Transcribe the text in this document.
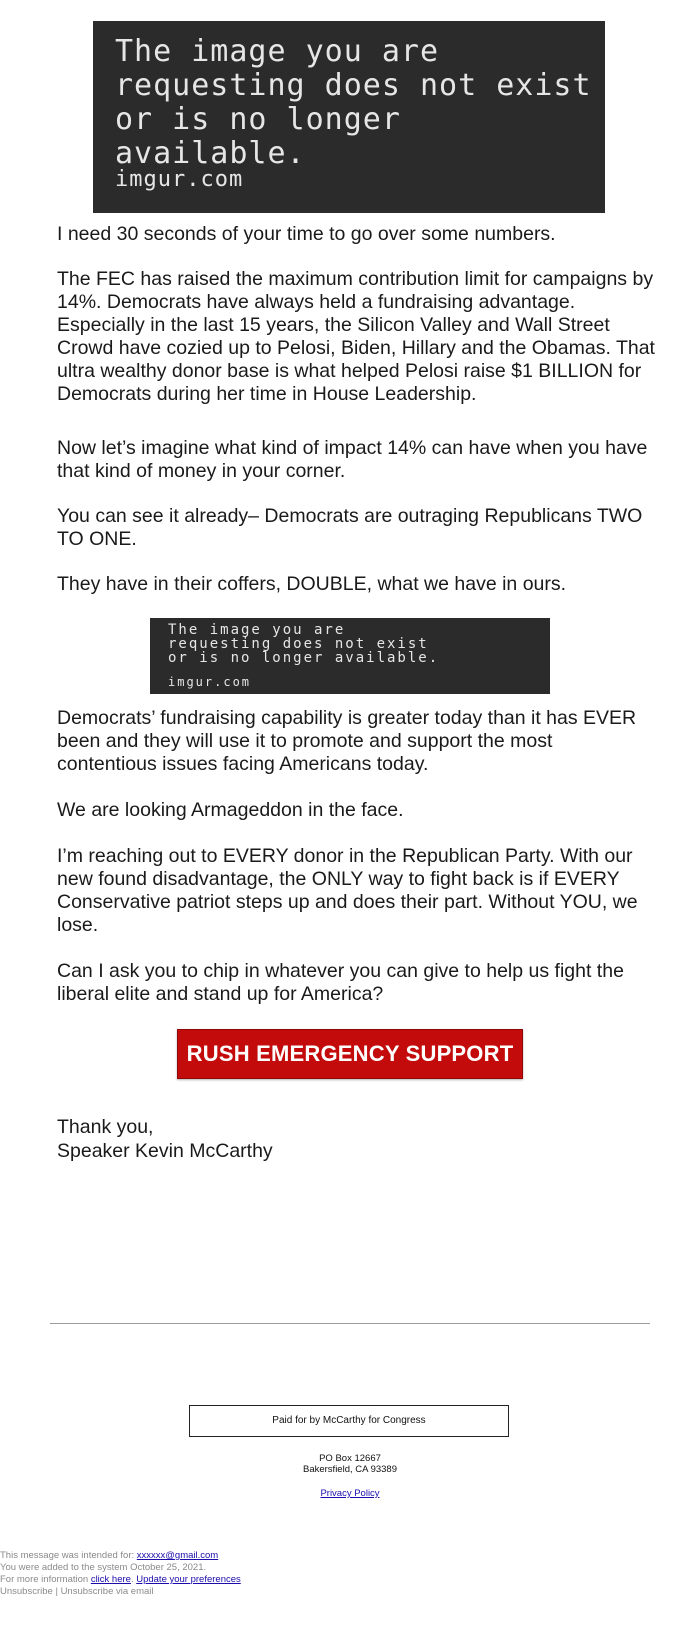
The image you are
requesting does not exist
or is no longer available.
imgur.com

I need 30 seconds of your time to go over some numbers.

The FEC has raised the maximum contribution limit for campaigns by 14%. Democrats have always held a fundraising advantage. Especially in the last 15 years, the Silicon Valley and Wall Street Crowd have cozied up to Pelosi, Biden, Hillary and the Obamas. That ultra wealthy donor base is what helped Pelosi raise $1 BILLION for Democrats during her time in House Leadership.

Now let’s imagine what kind of impact 14% can have when you have that kind of money in your corner.

You can see it already– Democrats are outraging Republicans TWO TO ONE.

They have in their coffers, DOUBLE, what we have in ours.

The image you are
requesting does not exist
or is no longer available.
imgur.com

Democrats’ fundraising capability is greater today than it has EVER been and they will use it to promote and support the most contentious issues facing Americans today.

We are looking Armageddon in the face.

I’m reaching out to EVERY donor in the Republican Party. With our new found disadvantage, the ONLY way to fight back is if EVERY Conservative patriot steps up and does their part. Without YOU, we lose.

Can I ask you to chip in whatever you can give to help us fight the liberal elite and stand up for America?

RUSH EMERGENCY SUPPORT
Thank you,
Speaker Kevin McCarthy
Paid for by McCarthy for Congress
PO Box 12667
Bakersfield, CA 93389
Privacy Policy
This message was intended for: xxxxxx@gmail.com
You were added to the system October 25, 2021.
For more information click here. Update your preferences
Unsubscribe | Unsubscribe via email
